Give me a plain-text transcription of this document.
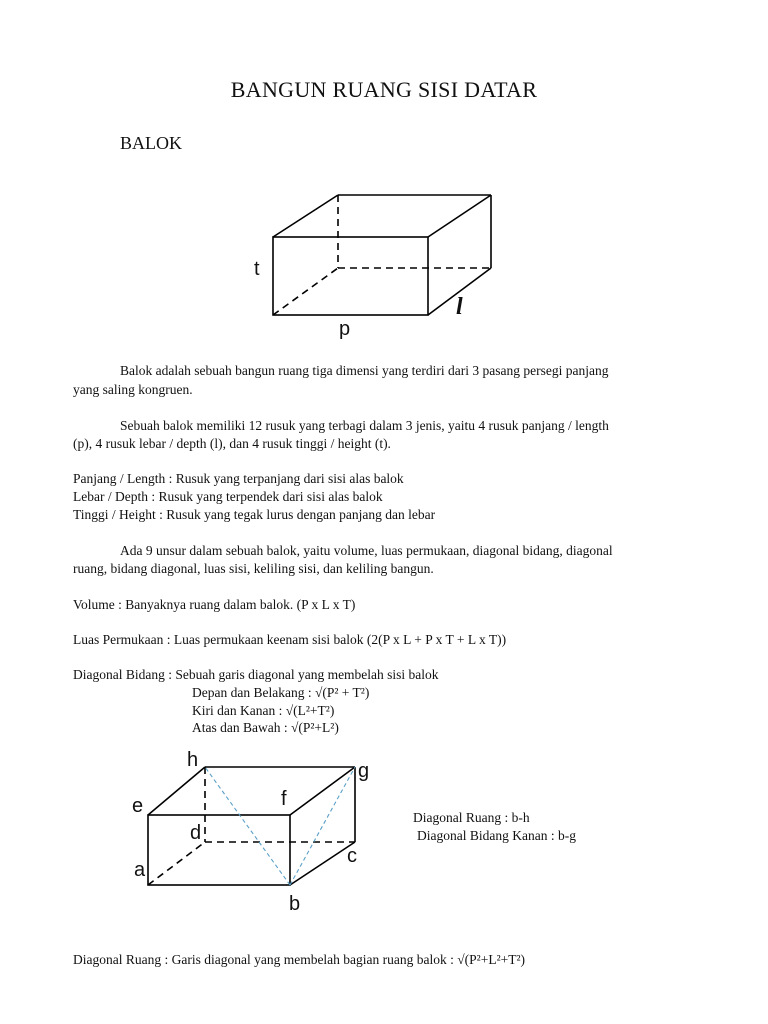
BANGUN RUANG SISI DATAR
BALOK
t
p
l
Balok adalah sebuah bangun ruang tiga dimensi yang terdiri dari 3 pasang persegi panjang
yang saling kongruen.
Sebuah balok memiliki 12 rusuk yang terbagi dalam 3 jenis, yaitu 4 rusuk panjang / length
(p), 4 rusuk lebar / depth (l), dan 4 rusuk tinggi / height (t).
Panjang / Length : Rusuk yang terpanjang dari sisi alas balok
Lebar / Depth : Rusuk yang terpendek dari sisi alas balok
Tinggi / Height : Rusuk yang tegak lurus dengan panjang dan lebar
Ada 9 unsur dalam sebuah balok, yaitu volume, luas permukaan, diagonal bidang, diagonal
ruang, bidang diagonal, luas sisi, keliling sisi, dan keliling bangun.
Volume : Banyaknya ruang dalam balok. (P x L x T)
Luas Permukaan : Luas permukaan keenam sisi balok (2(P x L + P x T + L x T))
Diagonal Bidang : Sebuah garis diagonal yang membelah sisi balok
Depan dan Belakang : √(P² + T²)
Kiri dan Kanan : √(L²+T²)
Atas dan Bawah : √(P²+L²)
h	g
e	f
d
c
a
b
Diagonal Ruang : b-h
Diagonal Bidang Kanan : b-g
Diagonal Ruang : Garis diagonal yang membelah bagian ruang balok : √(P²+L²+T²)
